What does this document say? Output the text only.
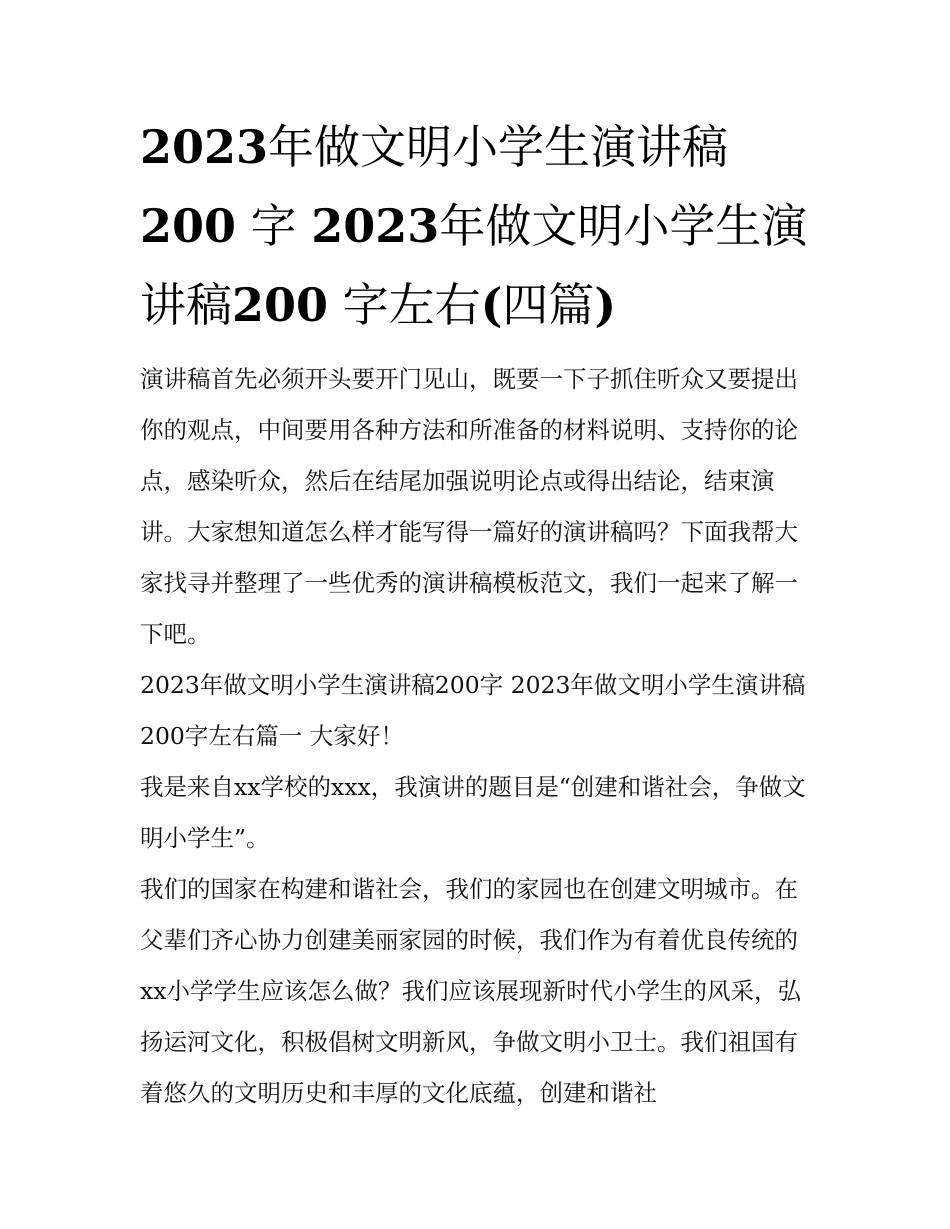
2023年做文明小学生演讲稿
200 字 2023年做文明小学生演讲稿200 字左右(四篇)

演讲稿首先必须开头要开门见山，既要一下子抓住听众又要提出你的观点，中间要用各种方法和所准备的材料说明、支持你的论点，感染听众，然后在结尾加强说明论点或得出结论，结束演讲。大家想知道怎么样才能写得一篇好的演讲稿吗？下面我帮大家找寻并整理了一些优秀的演讲稿模板范文，我们一起来了解一下吧。

2023年做文明小学生演讲稿200字 2023年做文明小学生演讲稿200字左右篇一 大家好！

我是来自xx学校的xxx，我演讲的题目是“创建和谐社会，争做文明小学生”。

我们的国家在构建和谐社会，我们的家园也在创建文明城市。在父辈们齐心协力创建美丽家园的时候，我们作为有着优良传统的xx小学学生应该怎么做？我们应该展现新时代小学生的风采，弘扬运河文化，积极倡树文明新风，争做文明小卫士。我们祖国有着悠久的文明历史和丰厚的文化底蕴，创建和谐社
